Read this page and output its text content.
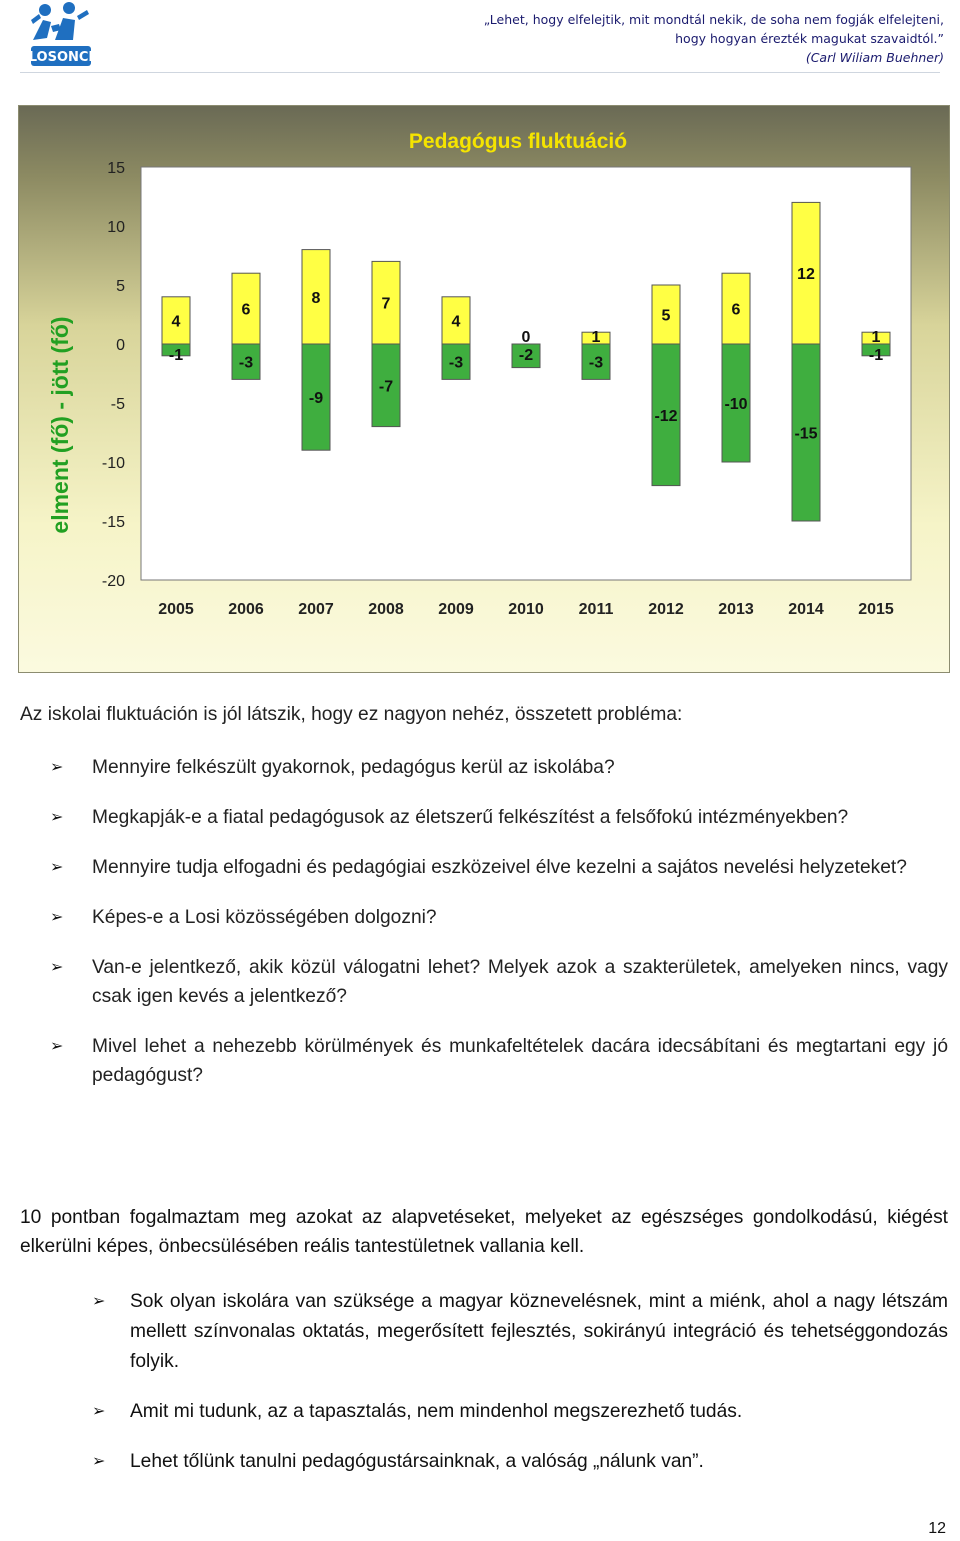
LOSONCI
„Lehet, hogy elfelejtik, mit mondtál nekik, de soha nem fogják elfelejteni,
hogy hogyan érezték magukat szavaidtól.”
(Carl Wiliam Buehner)
Pedagógus fluktuáció
elment (fő) - jött (fő)
15
10
5
0
-5
-10
-15
-20
4
-1
6
-3
8
-9
7
-7
4
-3
0
-2
1
-3
5
-12
6
-10
12
-15
1
-1
2005 2006 2007 2008 2009 2010 2011 2012 2013 2014 2015
Az iskolai fluktuáción is jól látszik, hogy ez nagyon nehéz, összetett probléma:
➢ Mennyire felkészült gyakornok, pedagógus kerül az iskolába?
➢ Megkapják-e a fiatal pedagógusok az életszerű felkészítést a felsőfokú intézményekben?
➢ Mennyire tudja elfogadni és pedagógiai eszközeivel élve kezelni a sajátos nevelési helyzeteket?
➢ Képes-e a Losi közösségében dolgozni?
➢ Van-e jelentkező, akik közül válogatni lehet? Melyek azok a szakterületek, amelyeken nincs, vagy csak igen kevés a jelentkező?
➢ Mivel lehet a nehezebb körülmények és munkafeltételek dacára idecsábítani és megtartani egy jó pedagógust?
10 pontban fogalmaztam meg azokat az alapvetéseket, melyeket az egészséges gondolkodású, kiégést elkerülni képes, önbecsülésében reális tantestületnek vallania kell.
➢ Sok olyan iskolára van szüksége a magyar köznevelésnek, mint a miénk, ahol a nagy létszám mellett színvonalas oktatás, megerősített fejlesztés, sokirányú integráció és tehetséggondozás folyik.
➢ Amit mi tudunk, az a tapasztalás, nem mindenhol megszerezhető tudás.
➢ Lehet tőlünk tanulni pedagógustársainknak, a valóság „nálunk van”.
12
